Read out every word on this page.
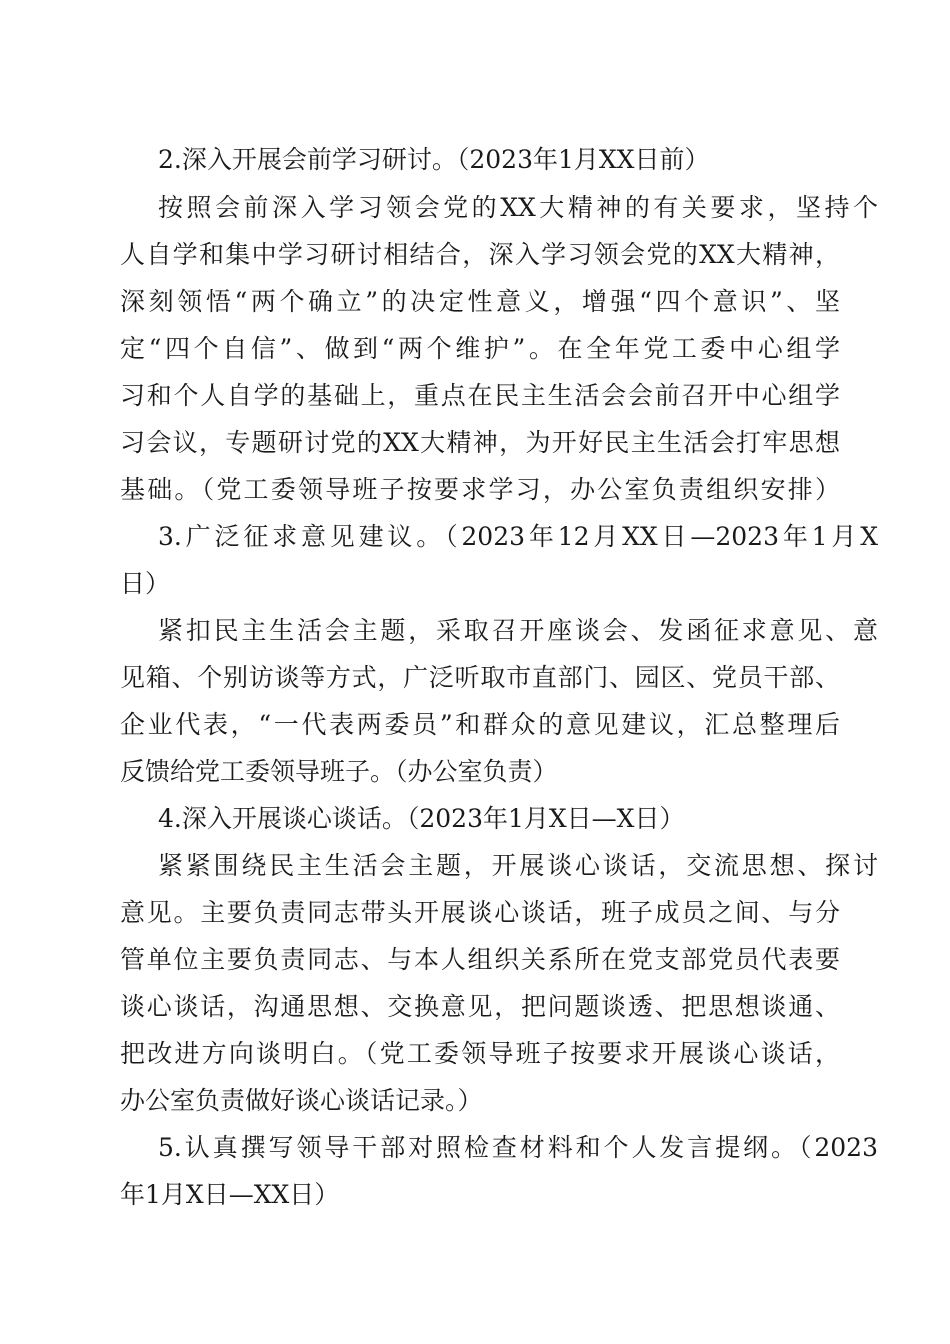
2.深入开展会前学习研讨。（2023年1月XX日前）
按照会前深入学习领会党的XX大精神的有关要求，坚持个
人自学和集中学习研讨相结合，深入学习领会党的XX大精神，
深刻领悟“两个确立”的决定性意义，增强“四个意识”、坚
定“四个自信”、做到“两个维护”。在全年党工委中心组学
习和个人自学的基础上，重点在民主生活会会前召开中心组学
习会议，专题研讨党的XX大精神，为开好民主生活会打牢思想
基础。（党工委领导班子按要求学习，办公室负责组织安排）
3.广泛征求意见建议。（2023年12月XX日—2023年1月X
日）
紧扣民主生活会主题，采取召开座谈会、发函征求意见、意
见箱、个别访谈等方式，广泛听取市直部门、园区、党员干部、
企业代表，“一代表两委员”和群众的意见建议，汇总整理后
反馈给党工委领导班子。（办公室负责）
4.深入开展谈心谈话。（2023年1月X日—X日）
紧紧围绕民主生活会主题，开展谈心谈话，交流思想、探讨
意见。主要负责同志带头开展谈心谈话，班子成员之间、与分
管单位主要负责同志、与本人组织关系所在党支部党员代表要
谈心谈话，沟通思想、交换意见，把问题谈透、把思想谈通、
把改进方向谈明白。（党工委领导班子按要求开展谈心谈话，
办公室负责做好谈心谈话记录。）
5.认真撰写领导干部对照检查材料和个人发言提纲。（2023
年1月X日—XX日）
